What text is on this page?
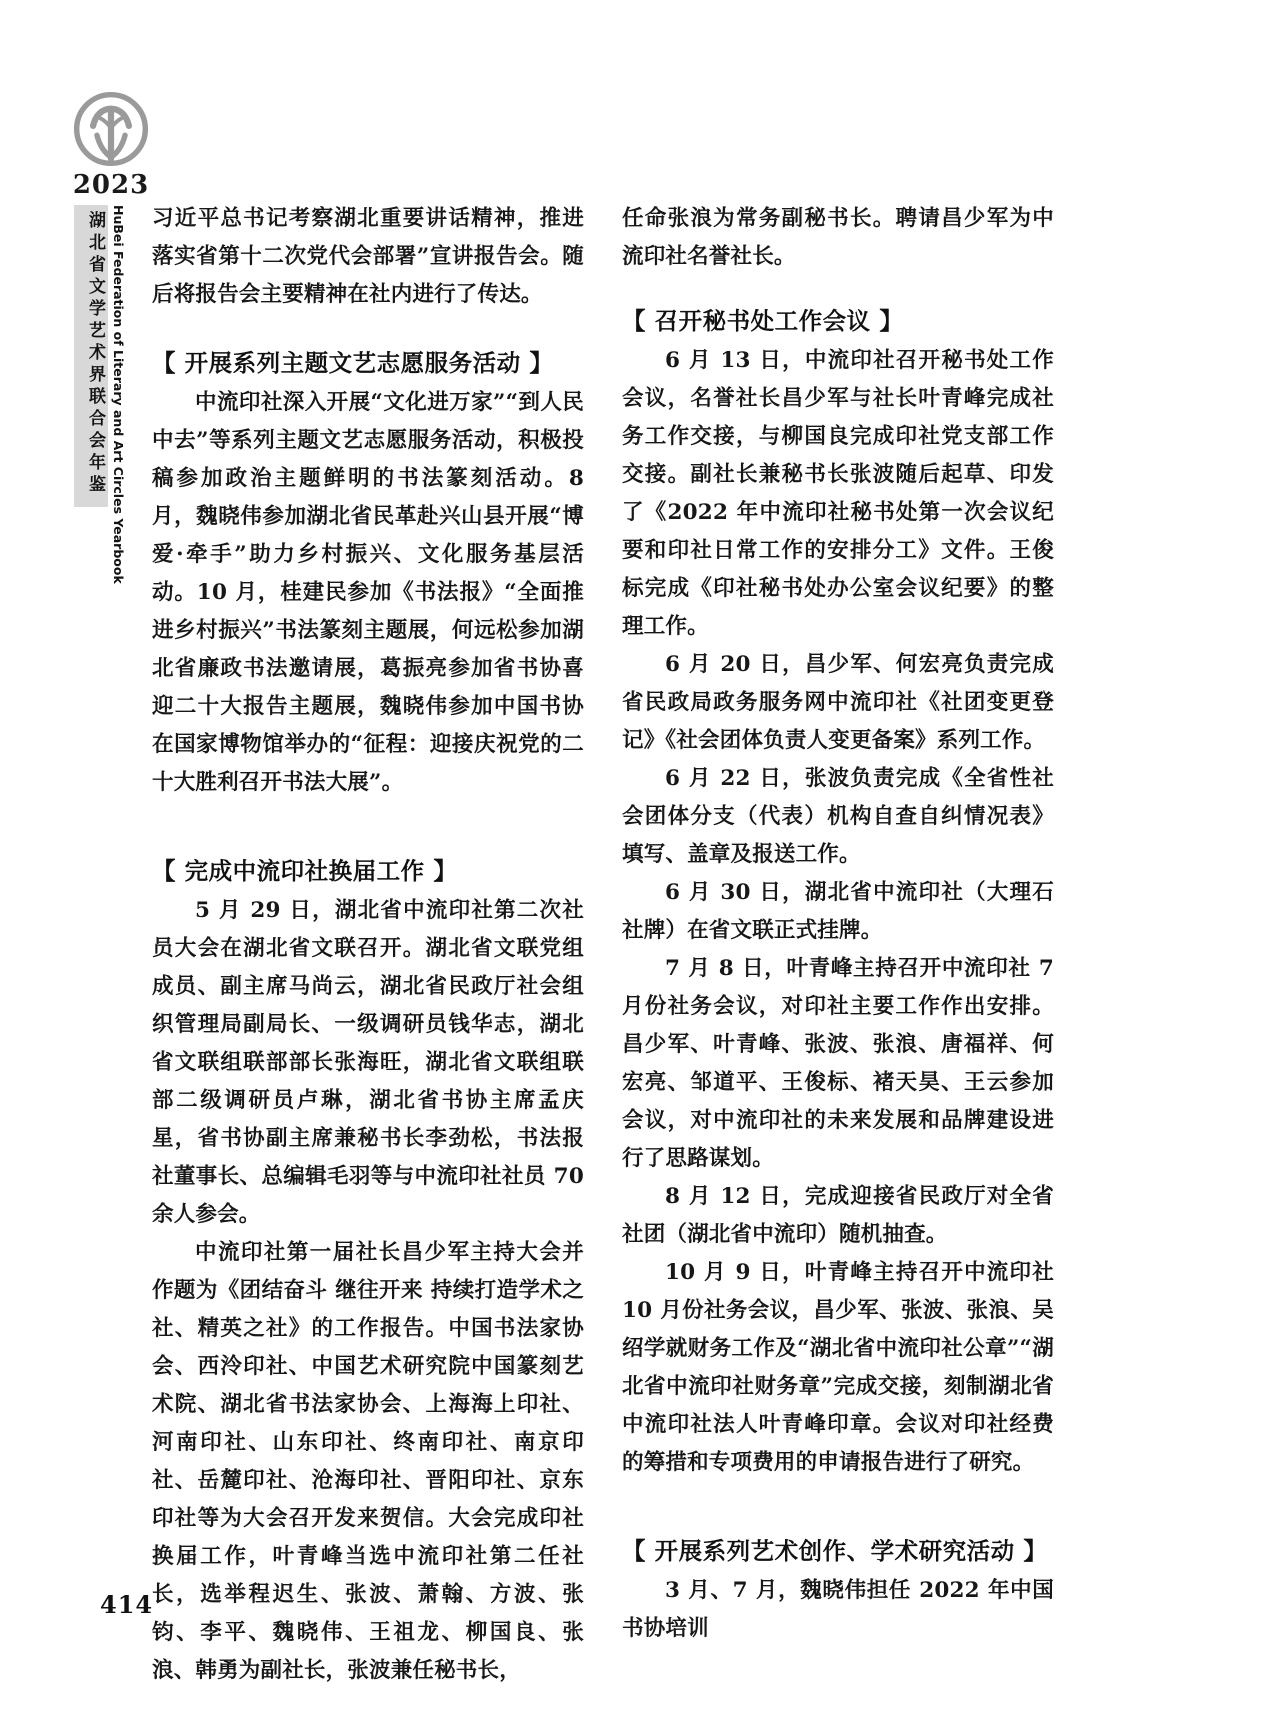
2023
湖北省文学艺术界联合会年鉴 HuBei Federation of Literary and Art Circles Yearbook 习近平总书记考察湖北重要讲话精神，推进落实省第十二次党代会部署”宣讲报告会。随后将报告会主要精神在社内进行了传达。

【 开展系列主题文艺志愿服务活动 】

中流印社深入开展“文化进万家”“到人民中去”等系列主题文艺志愿服务活动，积极投稿参加政治主题鲜明的书法篆刻活动。8 月，魏晓伟参加湖北省民革赴兴山县开展“博爱·牵手”助力乡村振兴、文化服务基层活动。10 月，桂建民参加《书法报》“全面推进乡村振兴”书法篆刻主题展，何远松参加湖北省廉政书法邀请展，葛振亮参加省书协喜迎二十大报告主题展，魏晓伟参加中国书协在国家博物馆举办的“征程：迎接庆祝党的二十大胜利召开书法大展”。

【 完成中流印社换届工作 】

5 月 29 日，湖北省中流印社第二次社员大会在湖北省文联召开。湖北省文联党组成员、副主席马尚云，湖北省民政厅社会组织管理局副局长、一级调研员钱华志，湖北省文联组联部部长张海旺，湖北省文联组联部二级调研员卢琳，湖北省书协主席孟庆星，省书协副主席兼秘书长李劲松，书法报社董事长、总编辑毛羽等与中流印社社员 70 余人参会。

中流印社第一届社长昌少军主持大会并作题为《团结奋斗 继往开来 持续打造学术之社、精英之社》的工作报告。中国书法家协会、西泠印社、中国艺术研究院中国篆刻艺术院、湖北省书法家协会、上海海上印社、河南印社、山东印社、终南印社、南京印社、岳麓印社、沧海印社、晋阳印社、京东印社等为大会召开发来贺信。大会完成印社换届工作，叶青峰当选中流印社第二任社长，选举程迟生、张波、萧翰、方波、张钧、李平、魏晓伟、王祖龙、柳国良、张浪、韩勇为副社长，张波兼任秘书长，

任命张浪为常务副秘书长。聘请昌少军为中流印社名誉社长。

【 召开秘书处工作会议 】

6 月 13 日，中流印社召开秘书处工作会议，名誉社长昌少军与社长叶青峰完成社务工作交接，与柳国良完成印社党支部工作交接。副社长兼秘书长张波随后起草、印发了《2022 年中流印社秘书处第一次会议纪要和印社日常工作的安排分工》文件。王俊标完成《印社秘书处办公室会议纪要》的整理工作。

6 月 20 日，昌少军、何宏亮负责完成省民政局政务服务网中流印社《社团变更登记》《社会团体负责人变更备案》系列工作。

6 月 22 日，张波负责完成《全省性社会团体分支（代表）机构自查自纠情况表》填写、盖章及报送工作。

6 月 30 日，湖北省中流印社（大理石社牌）在省文联正式挂牌。

7 月 8 日，叶青峰主持召开中流印社 7 月份社务会议，对印社主要工作作出安排。昌少军、叶青峰、张波、张浪、唐福祥、何宏亮、邹道平、王俊标、褚天昊、王云参加会议，对中流印社的未来发展和品牌建设进行了思路谋划。

8 月 12 日，完成迎接省民政厅对全省社团（湖北省中流印）随机抽查。

10 月 9 日，叶青峰主持召开中流印社 10 月份社务会议，昌少军、张波、张浪、吴绍学就财务工作及“湖北省中流印社公章”“湖北省中流印社财务章”完成交接，刻制湖北省中流印社法人叶青峰印章。会议对印社经费的筹措和专项费用的申请报告进行了研究。

【 开展系列艺术创作、学术研究活动 】

3 月、7 月，魏晓伟担任 2022 年中国书协培训

414
